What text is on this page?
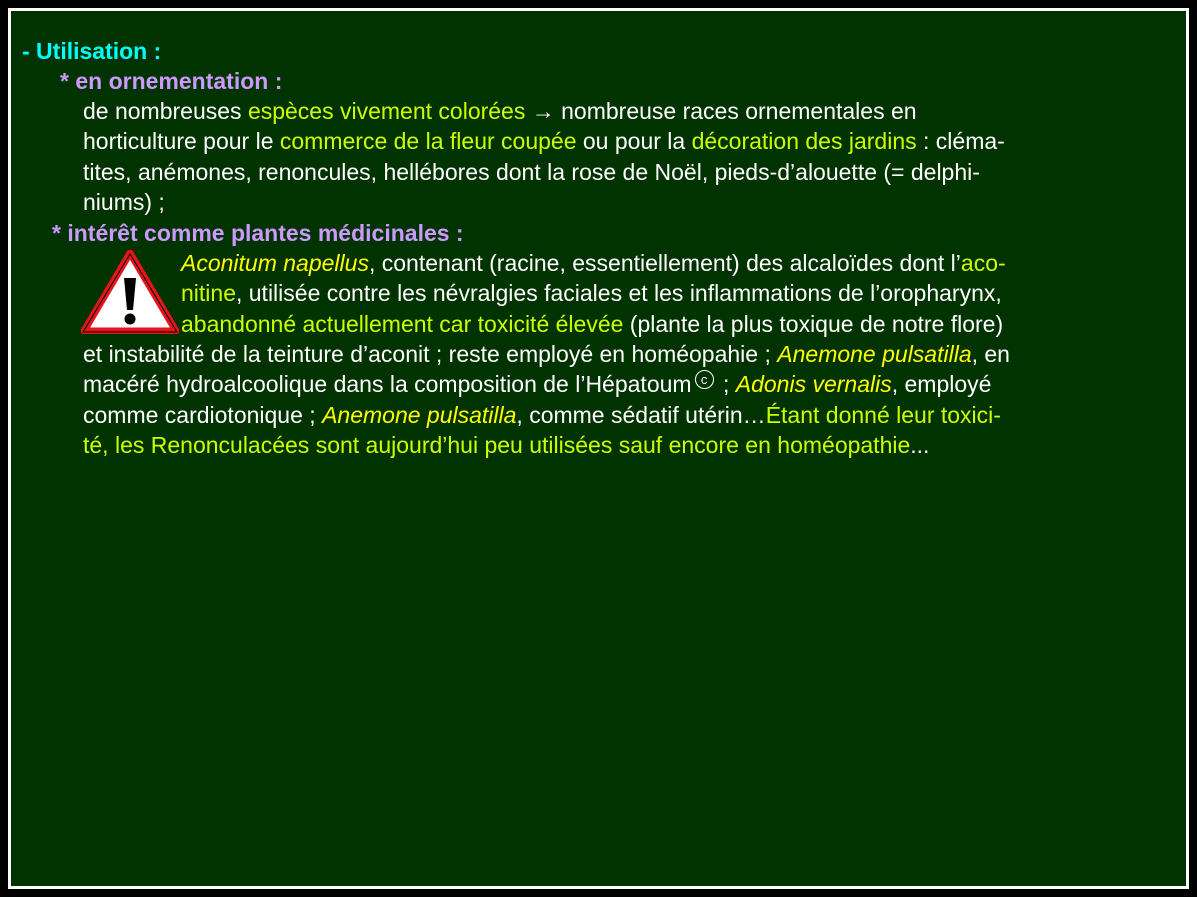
- Utilisation :
* en ornementation :
de nombreuses espèces vivement colorées → nombreuse races ornementales en
horticulture pour le commerce de la fleur coupée ou pour la décoration des jardins : cléma-
tites, anémones, renoncules, hellébores dont la rose de Noël, pieds-d’alouette (= delphi-
niums) ;
* intérêt comme plantes médicinales :
Aconitum napellus, contenant (racine, essentiellement) des alcaloïdes dont l’aco-
nitine, utilisée contre les névralgies faciales et les inflammations de l’oropharynx,
abandonné actuellement car toxicité élevée (plante la plus toxique de notre flore)
et instabilité de la teinture d’aconit ; reste employé en homéopahie ; Anemone pulsatilla, en
macéré hydroalcoolique dans la composition de l’Hépatoum c ; Adonis vernalis, employé
comme cardiotonique ; Anemone pulsatilla, comme sédatif utérin…Étant donné leur toxici-
té, les Renonculacées sont aujourd’hui peu utilisées sauf encore en homéopathie...
